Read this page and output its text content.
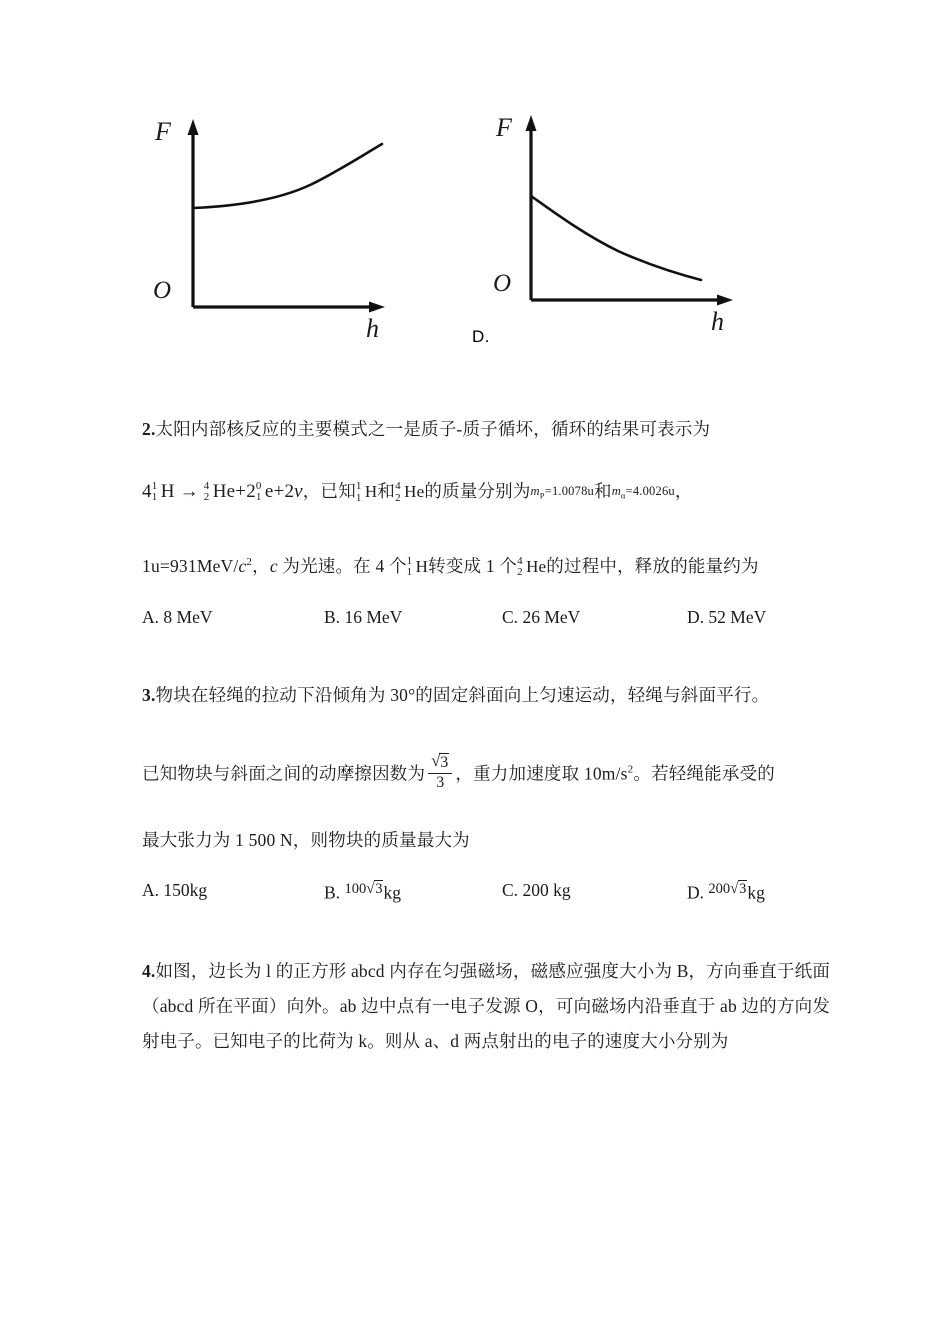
F
O
h	D.
F
O
h

2.太阳内部核反应的主要模式之一是质子-质子循坏，循环的结果可表示为

4 1
1 H → 4
2 He+2 0
1 e+2v，已知 1
1 H和 4
2 He的质量分别为$m_P=1.0078u$和$m_\alpha=4.0026u$，

$1u=931MeV/c^2$，c 为光速。在 4 个 1
1 H转变成 1 个 4
2 He的过程中，释放的能量约为

A. 8 MeV	B. 16 MeV	C. 26 MeV	D. 52 MeV

3.物块在轻绳的拉动下沿倾角为 30°的固定斜面向上匀速运动，轻绳与斜面平行。

已知物块与斜面之间的动摩擦因数为 √ $\frac{3}{3}$ ，重力加速度取 $10m/s^2$。若轻绳能承受的

最大张力为 1 500 N，则物块的质量最大为

A. 150kg	B. $^{100 √ 3}$kg	C. 200 kg	D. $^{200 √ 3}$kg

4.如图，边长为 l 的正方形 abcd 内存在匀强磁场，磁感应强度大小为 B，方向垂直于纸面（abcd 所在平面）向外。ab 边中点有一电子发源 O，可向磁场内沿垂直于 ab 边的方向发射电子。已知电子的比荷为 k。则从 a、d 两点射出的电子的速度大小分别为
